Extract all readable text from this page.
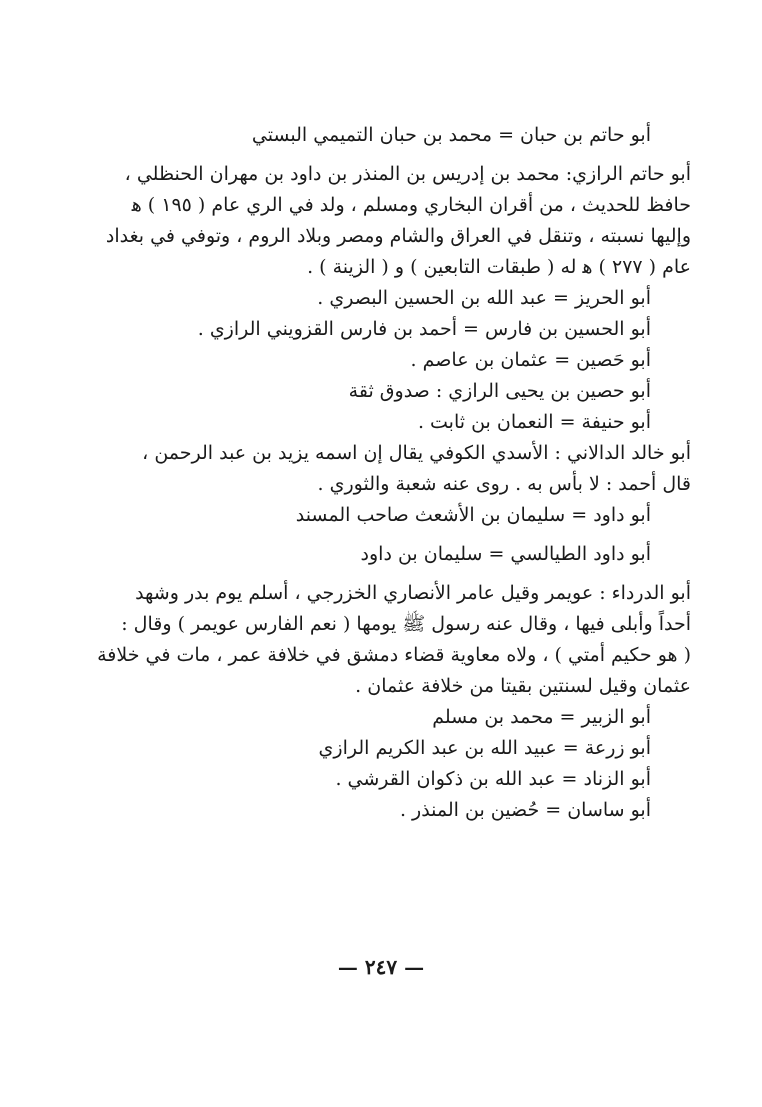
أبو حاتم بن حبان = محمد بن حبان التميمي البستي
أبو حاتم الرازي: محمد بن إدريس بن المنذر بن داود بن مهران الحنظلي ،
حافظ للحديث ، من أقران البخاري ومسلم ، ولد في الري عام ( ١٩٥ ) ﻫ
وإليها نسبته ، وتنقل في العراق والشام ومصر وبلاد الروم ، وتوفي في بغداد
عام ( ٢٧٧ ) ﻫ له ( طبقات التابعين ) و ( الزينة ) .
أبو الحريز = عبد الله بن الحسين البصري .
أبو الحسين بن فارس = أحمد بن فارس القزويني الرازي .
أبو حَصين = عثمان بن عاصم .
أبو حصين بن يحيى الرازي : صدوق ثقة
أبو حنيفة = النعمان بن ثابت .
أبو خالد الدالاني : الأسدي الكوفي يقال إن اسمه يزيد بن عبد الرحمن ،
قال أحمد : لا بأس به . روى عنه شعبة والثوري .
أبو داود = سليمان بن الأشعث صاحب المسند
أبو داود الطيالسي = سليمان بن داود
أبو الدرداء : عويمر وقيل عامر الأنصاري الخزرجي ، أسلم يوم بدر وشهد
أحداً وأبلى فيها ، وقال عنه رسول ﷺ يومها ( نعم الفارس عويمر ) وقال :
( هو حكيم أمتي ) ، ولاه معاوية قضاء دمشق في خلافة عمر ، مات في خلافة
عثمان وقيل لسنتين بقيتا من خلافة عثمان .
أبو الزبير = محمد بن مسلم
أبو زرعة = عبيد الله بن عبد الكريم الرازي
أبو الزناد = عبد الله بن ذكوان القرشي .
أبو ساسان = حُضين بن المنذر .
— ٢٤٧ —
